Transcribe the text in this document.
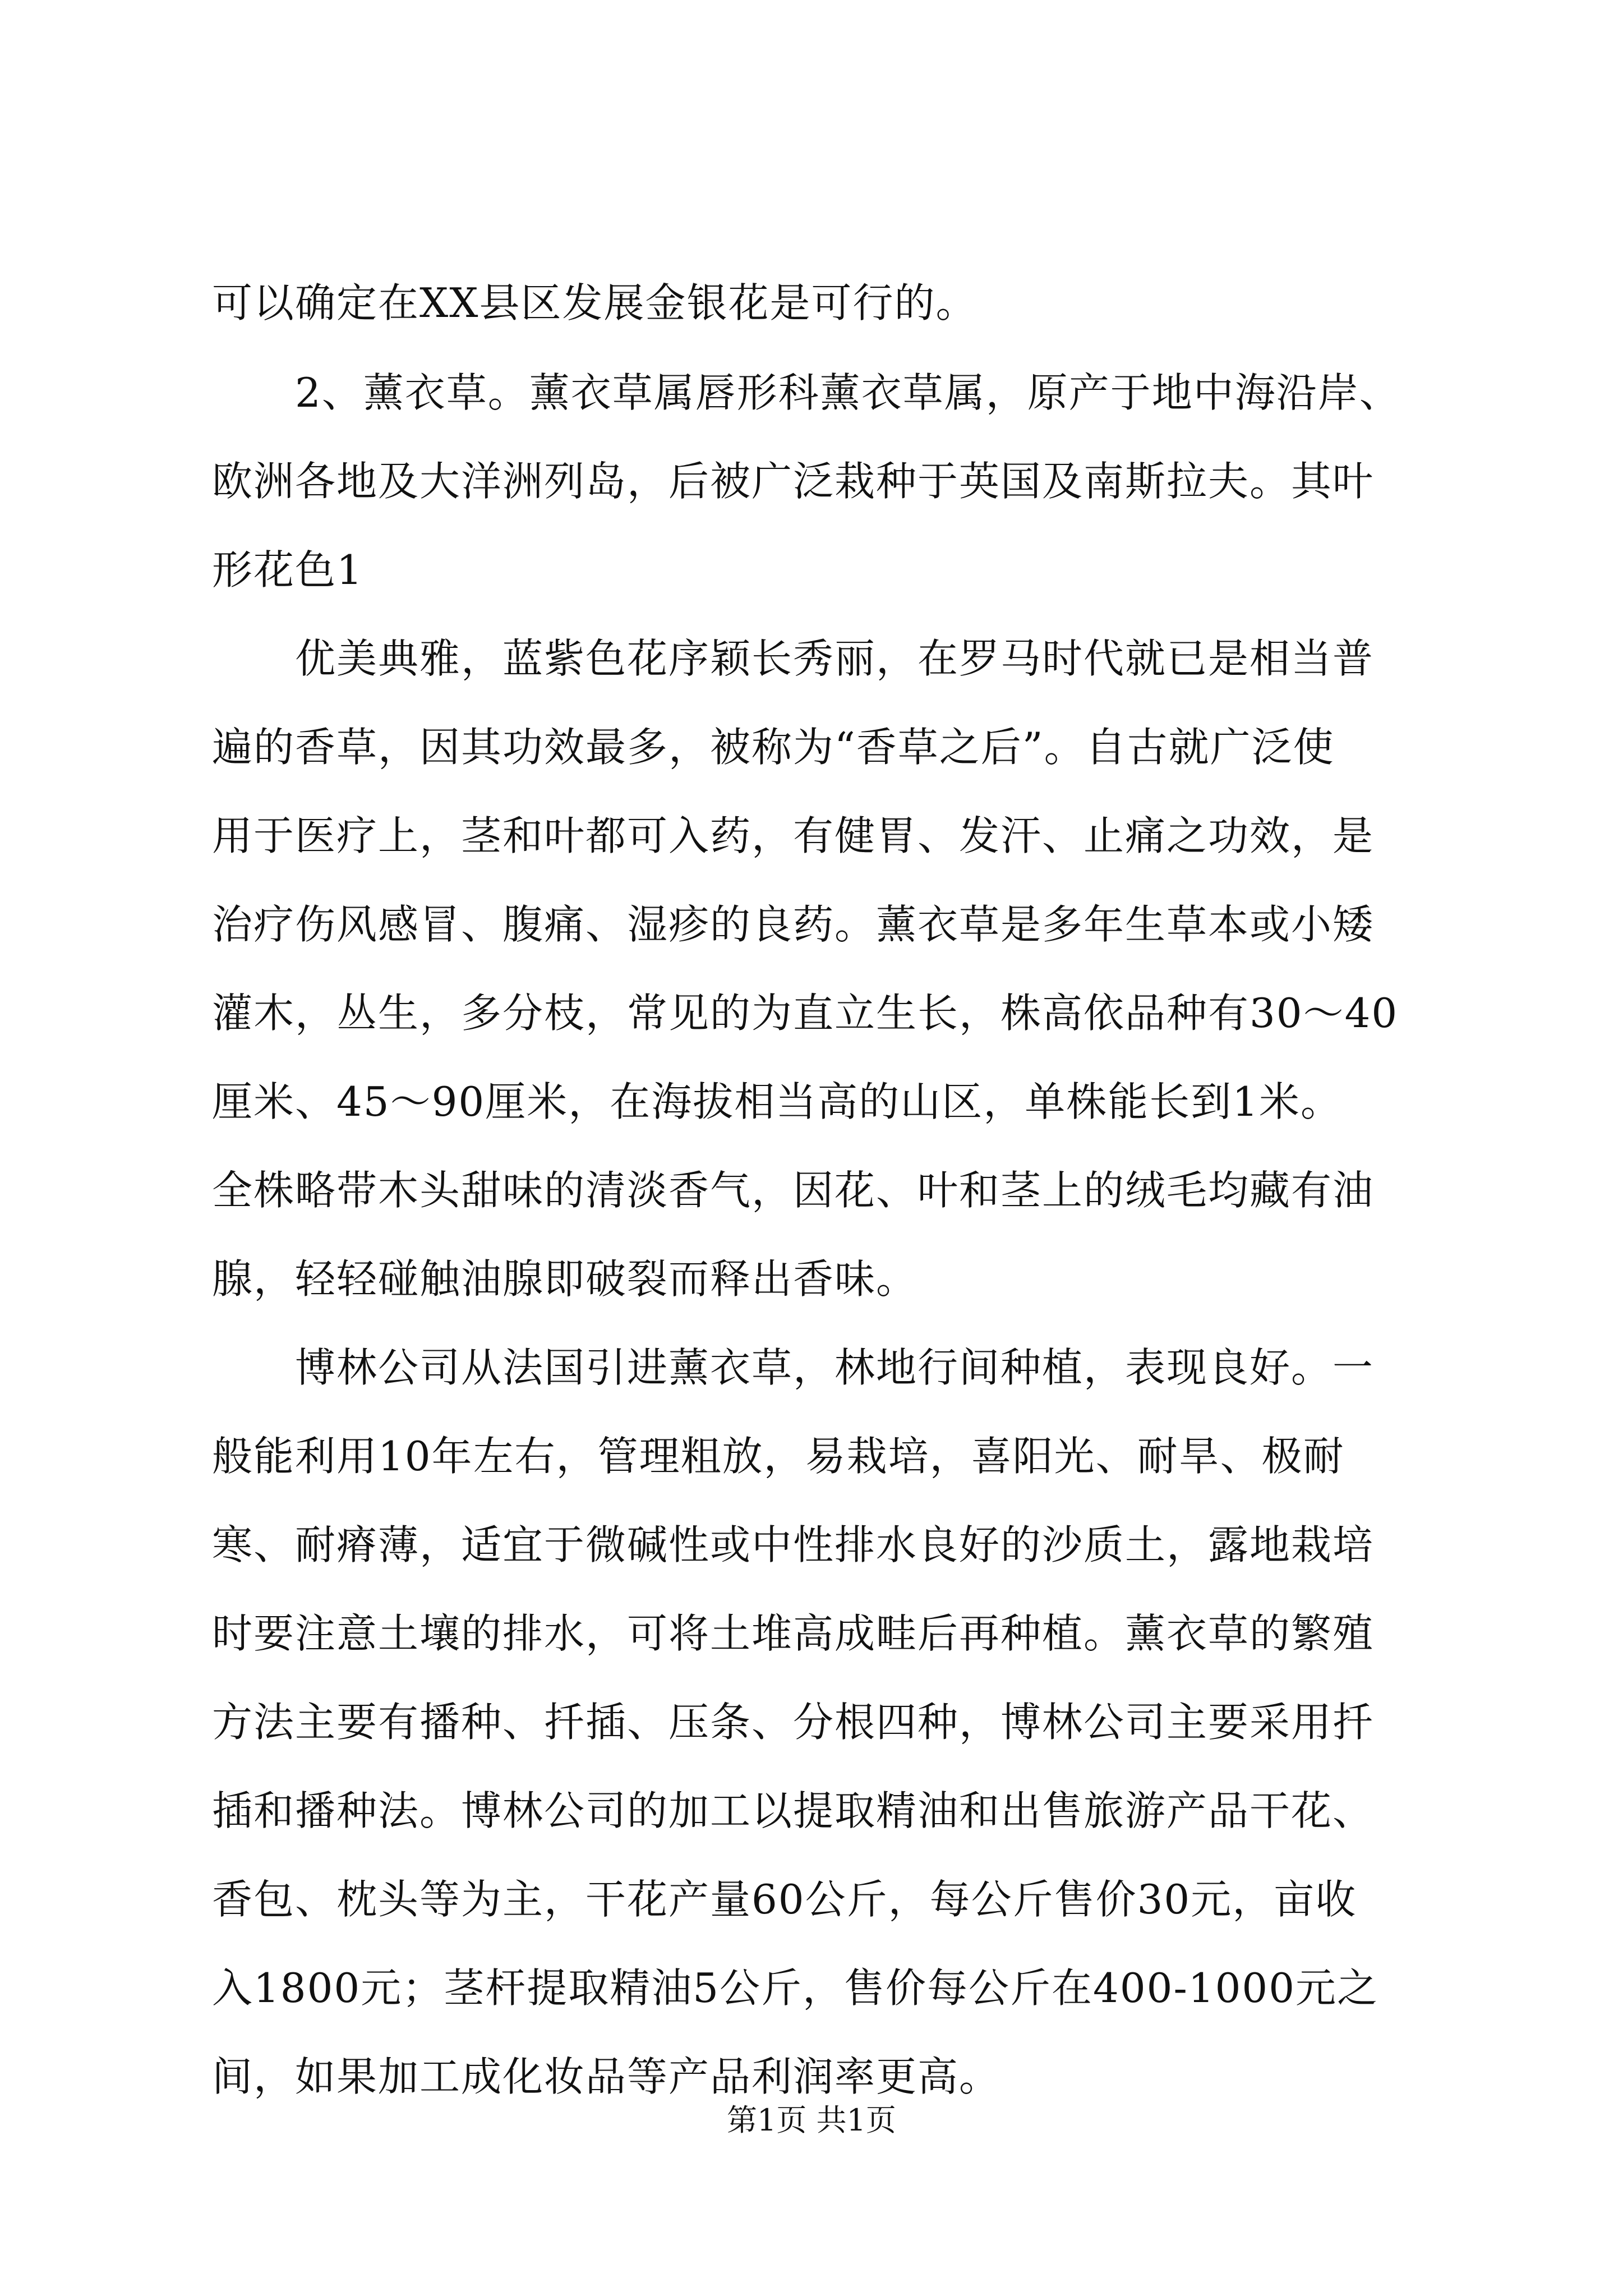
可以确定在XX县区发展金银花是可行的。
2、薰衣草。薰衣草属唇形科薰衣草属，原产于地中海沿岸、
欧洲各地及大洋洲列岛，后被广泛栽种于英国及南斯拉夫。其叶
形花色1
优美典雅，蓝紫色花序颖长秀丽，在罗马时代就已是相当普
遍的香草，因其功效最多，被称为“香草之后”。自古就广泛使
用于医疗上，茎和叶都可入药，有健胃、发汗、止痛之功效，是
治疗伤风感冒、腹痛、湿疹的良药。薰衣草是多年生草本或小矮
灌木，丛生，多分枝，常见的为直立生长，株高依品种有30～40
厘米、45～90厘米，在海拔相当高的山区，单株能长到1米。
全株略带木头甜味的清淡香气，因花、叶和茎上的绒毛均藏有油
腺，轻轻碰触油腺即破裂而释出香味。
博林公司从法国引进薰衣草，林地行间种植，表现良好。一
般能利用10年左右，管理粗放，易栽培，喜阳光、耐旱、极耐
寒、耐瘠薄，适宜于微碱性或中性排水良好的沙质土，露地栽培
时要注意土壤的排水，可将土堆高成畦后再种植。薰衣草的繁殖
方法主要有播种、扦插、压条、分根四种，博林公司主要采用扦
插和播种法。博林公司的加工以提取精油和出售旅游产品干花、
香包、枕头等为主，干花产量60公斤，每公斤售价30元，亩收
入1800元；茎杆提取精油5公斤，售价每公斤在400-1000元之
间，如果加工成化妆品等产品利润率更高。
第1页 共1页
